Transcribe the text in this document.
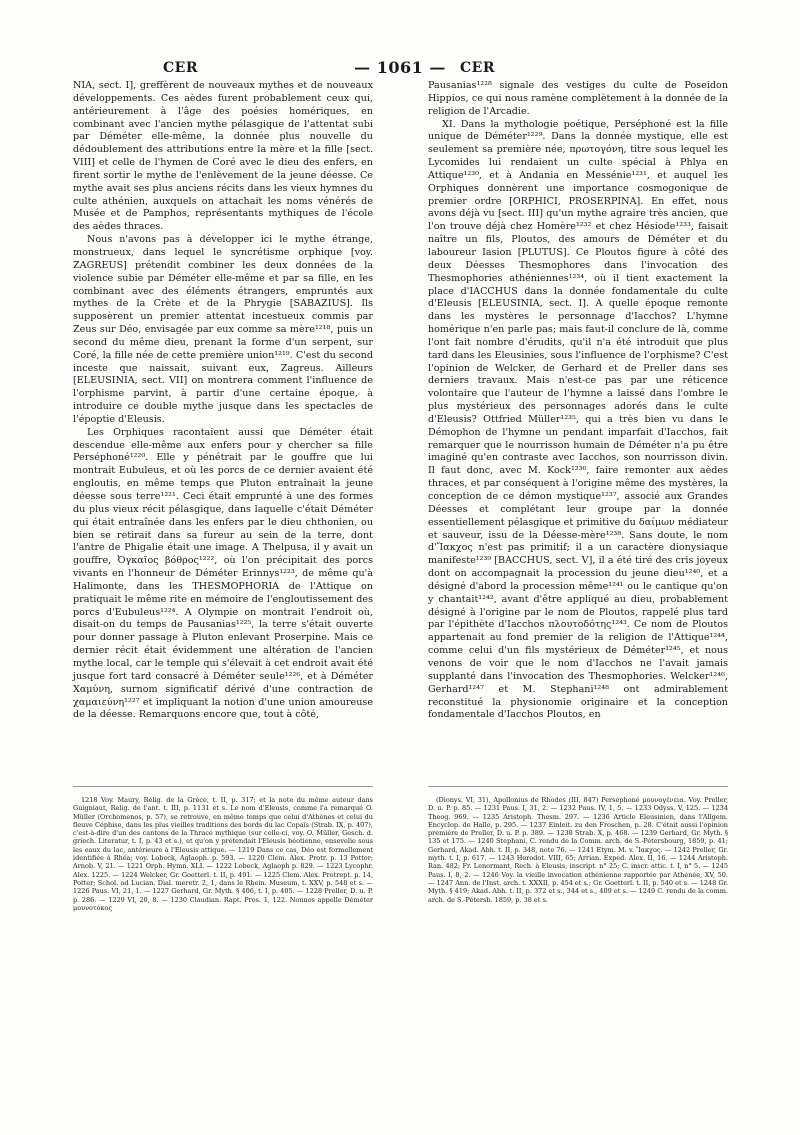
CER	— 1061 —	CER

NIA, sect. I], greffèrent de nouveaux mythes et de nouveaux développements. Ces aèdes furent probablement ceux qui, antérieurement à l'âge des poésies homériques, en combinant avec l'ancien mythe pélasgique de l'attentat subi par Déméter elle-même, la donnée plus nouvelle du dédoublement des attributions entre la mère et la fille [sect. VIII] et celle de l'hymen de Coré avec le dieu des enfers, en firent sortir le mythe de l'enlèvement de la jeune déesse. Ce mythe avait ses plus anciens récits dans les vieux hymnes du culte athénien, auxquels on attachait les noms vénérés de Musée et de Pamphos, représentants mythiques de l'école des aèdes thraces.

Nous n'avons pas à développer ici le mythe étrange, monstrueux, dans lequel le syncrétisme orphique [voy. ZAGREUS] prétendit combiner les deux données de la violence subie par Déméter elle-même et par sa fille, en les combinant avec des éléments étrangers, empruntés aux mythes de la Crète et de la Phrygie [SABAZIUS]. Ils supposèrent un premier attentat incestueux commis par Zeus sur Déo, envisagée par eux comme sa mère¹²¹⁸, puis un second du même dieu, prenant la forme d'un serpent, sur Coré, la fille née de cette première union¹²¹⁹. C'est du second inceste que naissait, suivant eux, Zagreus. Ailleurs [ELEUSINIA, sect. VII] on montrera comment l'influence de l'orphisme parvint, à partir d'une certaine époque, à introduire ce double mythe jusque dans les spectacles de l'époptie d'Eleusis.

Les Orphiques racontaient aussi que Déméter était descendue elle-même aux enfers pour y chercher sa fille Perséphoné¹²²⁰. Elle y pénétrait par le gouffre que lui montrait Eubuleus, et où les porcs de ce dernier avaient été engloutis, en même temps que Pluton entraînait la jeune déesse sous terre¹²²¹. Ceci était emprunté à une des formes du plus vieux récit pélasgique, dans laquelle c'était Déméter qui était entraînée dans les enfers par le dieu chthonien, ou bien se retirait dans sa fureur au sein de la terre, dont l'antre de Phigalie était une image. A Thelpusa, il y avait un gouffre, Ὀγκαῖος βόθρος¹²²², où l'on précipitait des porcs vivants en l'honneur de Déméter Erinnys¹²²³, de même qu'à Halimonte, dans les THESMOPHORIA de l'Attique on pratiquait le même rite en mémoire de l'engloutissement des porcs d'Eubuleus¹²²⁴. A Olympie on montrait l'endroit où, disait-on du temps de Pausanias¹²²⁵, la terre s'était ouverte pour donner passage à Pluton enlevant Proserpine. Mais ce dernier récit était évidemment une altération de l'ancien mythe local, car le temple qui s'élevait à cet endroit avait été jusque fort tard consacré à Déméter seule¹²²⁶, et à Déméter Χαμύνη, surnom significatif dérivé d'une contraction de χαμαιεύνη¹²²⁷ et impliquant la notion d'une union amoureuse de la déesse. Remarquons encore que, tout à côté,

Pausanias¹²²⁸ signale des vestiges du culte de Poseidon Hippios, ce qui nous ramène complètement à la donnée de la religion de l'Arcadie.

XI. Dans la mythologie poétique, Perséphoné est la fille unique de Déméter¹²²⁹. Dans la donnée mystique, elle est seulement sa première née, πρωτογόνη, titre sous lequel les Lycomides lui rendaient un culte spécial à Phlya en Attique¹²³⁰, et à Andania en Messénie¹²³¹, et auquel les Orphiques donnèrent une importance cosmogonique de premier ordre [ORPHICI, PROSERPINA]. En effet, nous avons déjà vu [sect. III] qu'un mythe agraire très ancien, que l'on trouve déjà chez Homère¹²³² et chez Hésiode¹²³³, faisait naître un fils, Ploutos, des amours de Déméter et du laboureur Iasion [PLUTUS]. Ce Ploutos figure à côté des deux Déesses Thesmophores dans l'invocation des Thesmophories athéniennes¹²³⁴, où il tient exactement la place d'IACCHUS dans la donnée fondamentale du culte d'Eleusis [ELEUSINIA, sect. I]. A quelle époque remonte dans les mystères le personnage d'Iacchos? L'hymne homérique n'en parle pas; mais faut-il conclure de là, comme l'ont fait nombre d'érudits, qu'il n'a été introduit que plus tard dans les Eleusinies, sous l'influence de l'orphisme? C'est l'opinion de Welcker, de Gerhard et de Preller dans ses derniers travaux. Mais n'est-ce pas par une réticence volontaire que l'auteur de l'hymne a laissé dans l'ombre le plus mystérieux des personnages adorés dans le culte d'Eleusis? Ottfried Müller¹²³⁵, qui a très bien vu dans le Démophon de l'hymne un pendant imparfait d'Iacchos, fait remarquer que le nourrisson humain de Déméter n'a pu être imaginé qu'en contraste avec Iacchos, son nourrisson divin. Il faut donc, avec M. Kock¹²³⁶, faire remonter aux aèdes thraces, et par conséquent à l'origine même des mystères, la conception de ce démon mystique¹²³⁷, associé aux Grandes Déesses et complétant leur groupe par la donnée essentiellement pélasgique et primitive du δαίμων médiateur et sauveur, issu de la Déesse-mère¹²³⁸. Sans doute, le nom d'Ἴακχος n'est pas primitif; il a un caractère dionysiaque manifeste¹²³⁹ [BACCHUS, sect. V], il a été tiré des cris joyeux dont on accompagnait la procession du jeune dieu¹²⁴⁰, et a désigné d'abord la procession même¹²⁴¹ ou le cantique qu'on y chantait¹²⁴², avant d'être appliqué au dieu, probablement désigné à l'origine par le nom de Ploutos, rappelé plus tard par l'épithète d'Iacchos πλουτοδότης¹²⁴³. Ce nom de Ploutos appartenait au fond premier de la religion de l'Attique¹²⁴⁴, comme celui d'un fils mystérieux de Déméter¹²⁴⁵, et nous venons de voir que le nom d'Iacchos ne l'avait jamais supplanté dans l'invocation des Thesmophories. Welcker¹²⁴⁶, Gerhard¹²⁴⁷ et M. Stephani¹²⁴⁸ ont admirablement reconstitué la physionomie originaire et la conception fondamentale d'Iacchos Ploutos, en

1218 Voy. Maury, Relig. de la Grèce, t. II, p. 317; et la note du même auteur dans Guigniaut, Relig. de l'ant. t. III, p. 1131 et s. Le nom d'Eleusis, comme l'a remarqué O. Müller (Orchomenos, p. 57), se retrouve, en même temps que celui d'Athènes et celui du fleuve Céphise, dans les plus vieilles traditions des bords du lac Copaïs (Strab. IX, p. 407), c'est-à-dire d'un des cantons de la Thrace mythique (sur celle-ci, voy. O. Müller, Gesch. d. griech. Literatur, t. I, p. 43 et s.), et qu'on y prétendait l'Eleusis béotienne, ensevelie sous les eaux du lac, antérieure à l'Eleusis attique. — 1219 Dans ce cas, Déo est formellement identifiée à Rhéa; voy. Lobeck, Aglaoph. p. 593. — 1220 Clem. Alex. Protr. p. 13 Potter; Arnob. V, 21. — 1221 Orph. Hymn. XLI. — 1222 Lobeck, Aglaoph p. 829. — 1223 Lycophr. Alex. 1225. — 1224 Welcker, Gr. Goetterl. t. II, p. 491. — 1225 Clem. Alex. Protrept. p. 14, Potter; Schol. ad Lucian. Dial. meretr. 2, 1, dans le Rhein. Museum, t. XXV, p. 548 et s. — 1226 Paus. VI, 21, 1. — 1227 Gerhard, Gr. Myth. § 406, t. I, p. 405. — 1228 Preller, D. u. P. p. 286. — 1229 VI, 20, 8. — 1230 Claudian. Rapt. Pros. 1, 122. Nonnos appelle Déméter μουνοτόκος

(Dionys. VI, 31), Apollonius de Rhodes (III, 847) Perséphoné μουνογένεια. Voy. Preller, D. u. P. p. 85. — 1231 Paus. I, 31, 2. — 1232 Paus. IV, 1, 5. — 1233 Odyss. V, 125. — 1234 Theog. 969. — 1235 Aristoph. Thesm. 297. — 1236 Article Eleusinien, dans l'Allgem. Encyclop. de Halle, p. 295. — 1237 Einleit. zu den Froschen, p. 28. C'était aussi l'opinion première de Preller, D. u. P. p. 389. — 1238 Strab. X, p. 468. — 1239 Gerhard, Gr. Myth. § 135 et 175. — 1240 Stephani, C. rendu de la Comm. arch. de S.-Pétersbourg, 1859, p. 41; Gerhard, Akad. Abh. t. II, p. 348, note 76. — 1241 Etym. M. v. Ἴακχος. — 1242 Preller, Gr. myth. t. I, p. 617. — 1243 Herodot. VIII, 65; Arrian. Exped. Alex. II, 16. — 1244 Aristoph. Ran. 482; Fr. Lenormant, Rech. à Eleusis, inscript. n° 25; C. inscr. attic. t. I, n° 5. — 1245 Paus. I, 8, 2. — 1246 Voy. la vieille invocation athénienne rapportée par Athénée, XV, 50. — 1247 Ann. de l'Inst. arch. t. XXXII, p. 454 et s.; Gr. Goetterl. t. II, p. 540 et s. — 1248 Gr. Myth. § 419; Akad. Abh. t. II, p. 372 et s., 344 et s., 409 et s. — 1249 C. rendu de la comm. arch. de S.-Pétersb. 1859, p. 38 et s.
